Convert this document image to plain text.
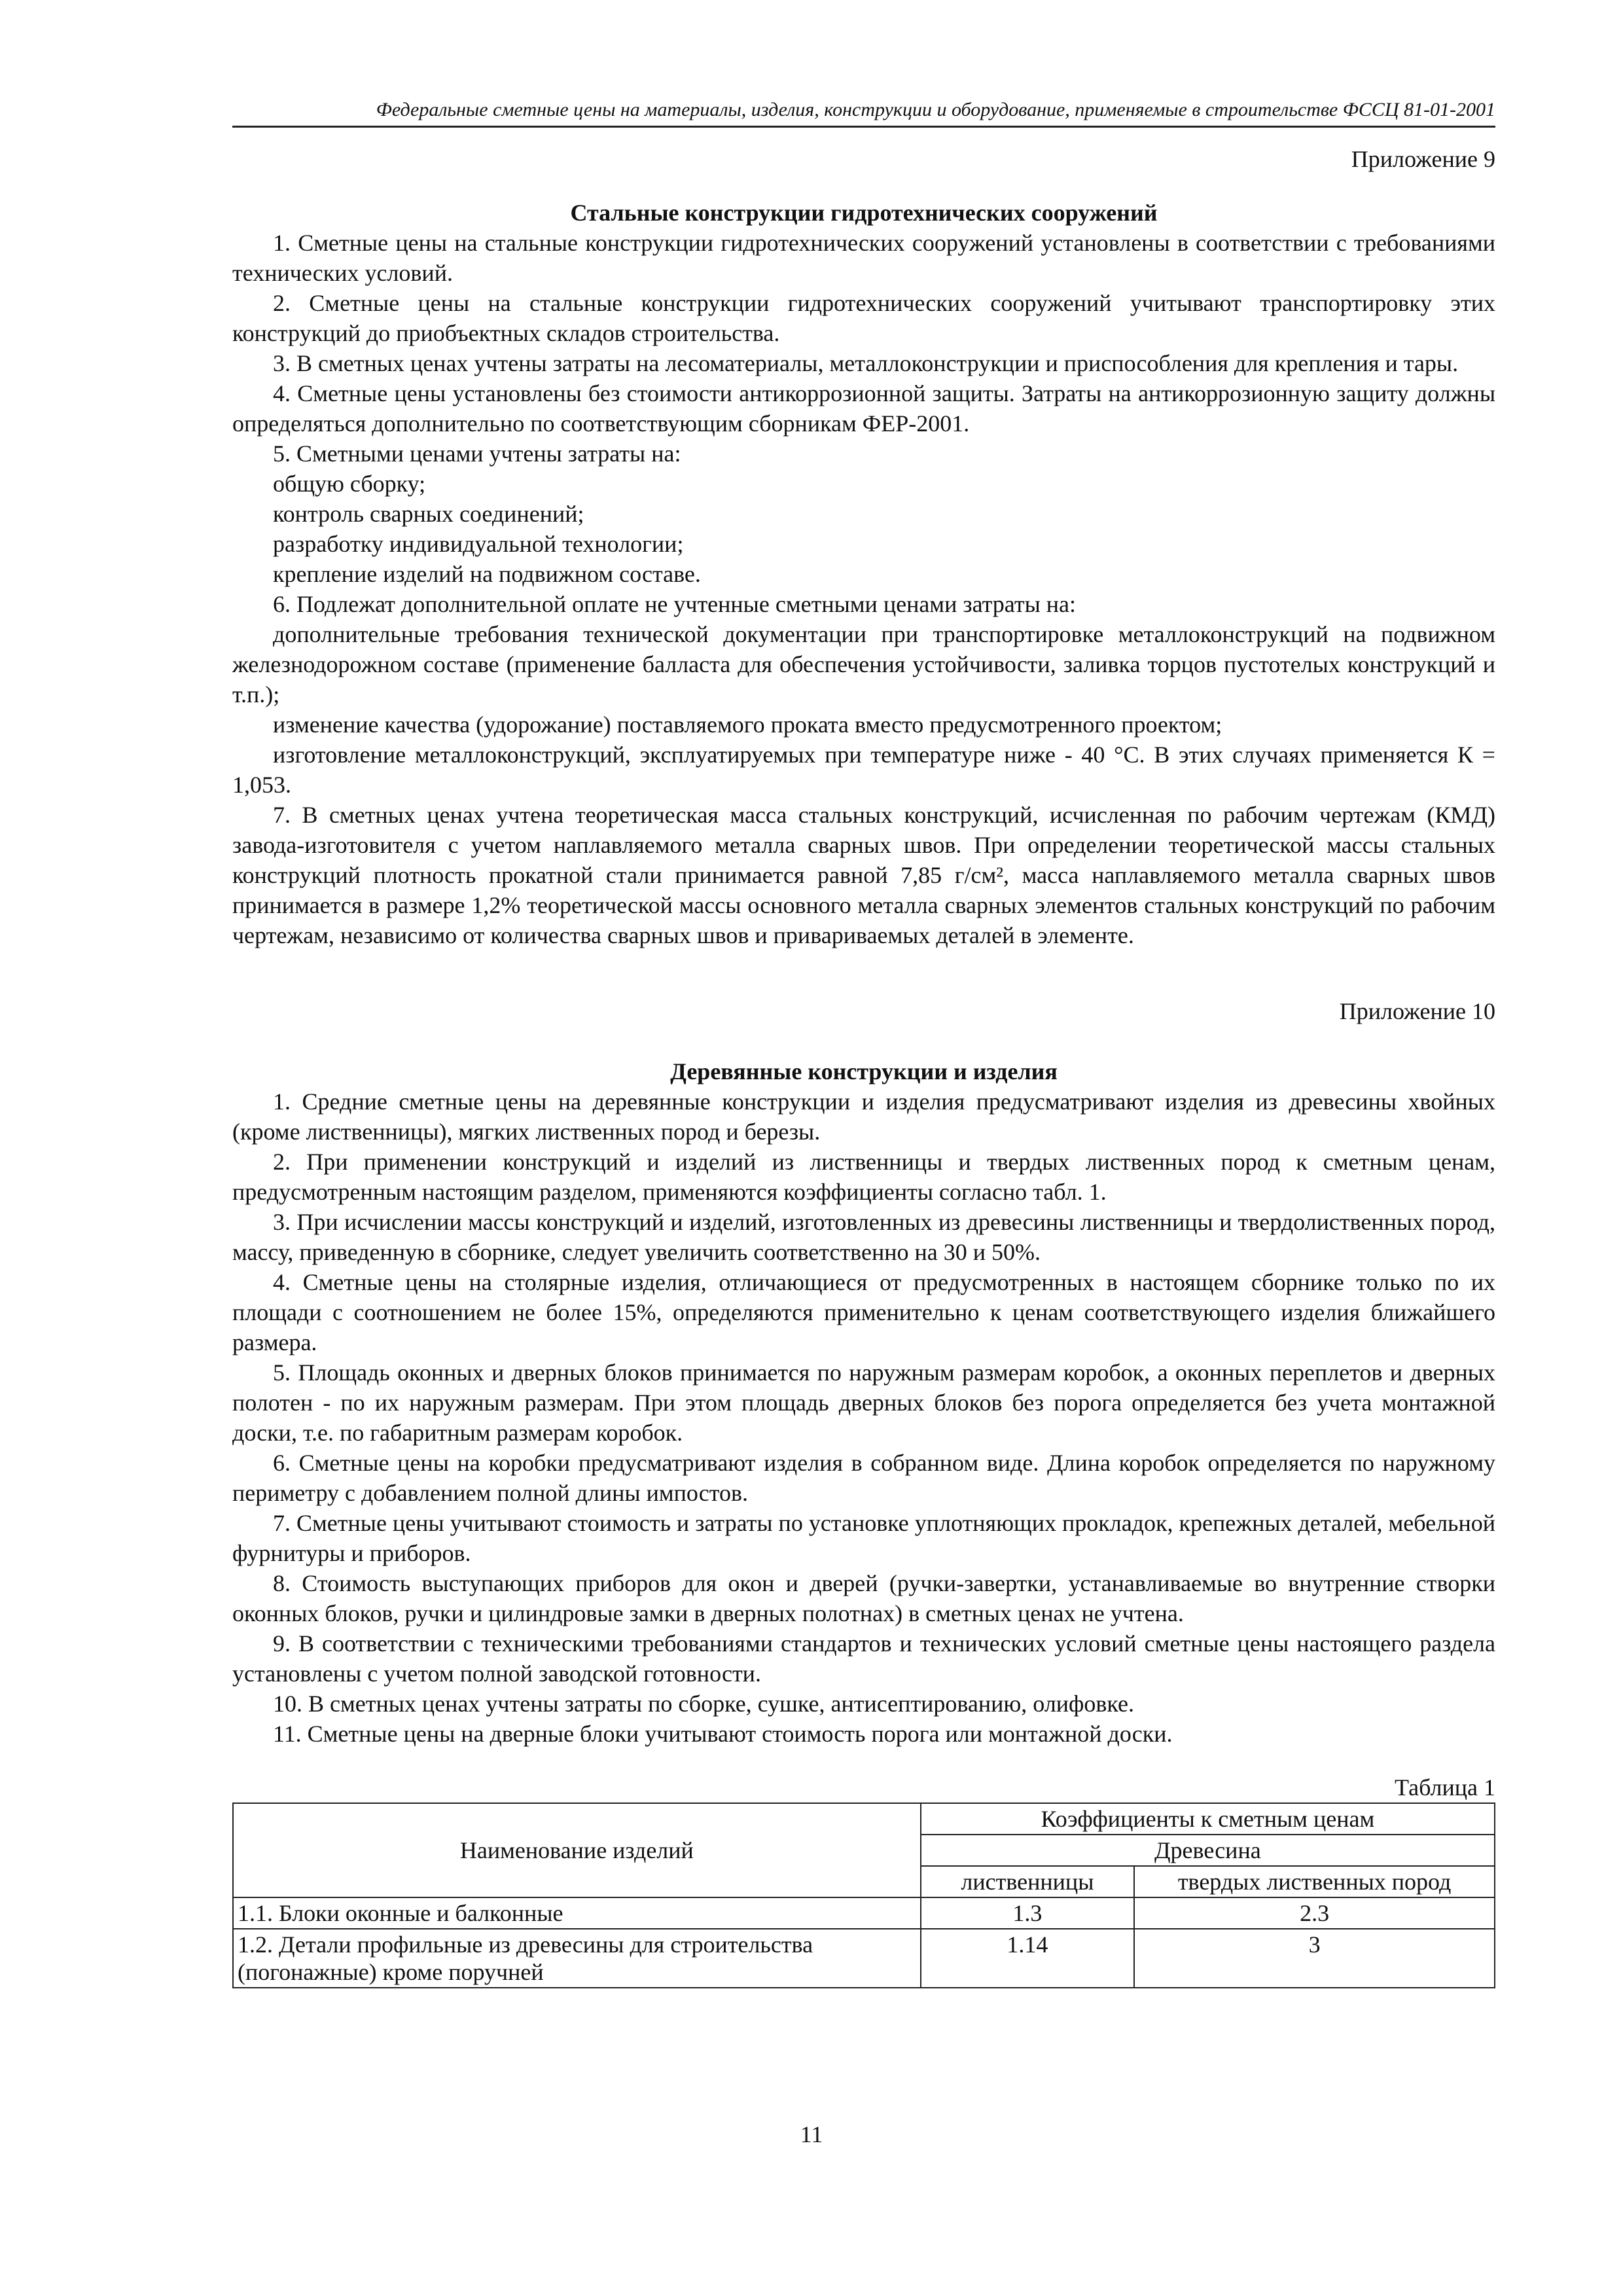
Федеральные сметные цены на материалы, изделия, конструкции и оборудование, применяемые в строительстве ФССЦ 81-01-2001

Приложение 9

Стальные конструкции гидротехнических сооружений

1. Сметные цены на стальные конструкции гидротехнических сооружений установлены в соответствии с требованиями технических условий.

2. Сметные цены на стальные конструкции гидротехнических сооружений учитывают транспортировку этих конструкций до приобъектных складов строительства.

3. В сметных ценах учтены затраты на лесоматериалы, металлоконструкции и приспособления для крепления и тары.

4. Сметные цены установлены без стоимости антикоррозионной защиты. Затраты на антикоррозионную защиту должны определяться дополнительно по соответствующим сборникам ФЕР-2001.

5. Сметными ценами учтены затраты на:

общую сборку;

контроль сварных соединений;

разработку индивидуальной технологии;

крепление изделий на подвижном составе.

6. Подлежат дополнительной оплате не учтенные сметными ценами затраты на:

дополнительные требования технической документации при транспортировке металлоконструкций на подвижном железнодорожном составе (применение балласта для обеспечения устойчивости, заливка торцов пустотелых конструкций и т.п.);

изменение качества (удорожание) поставляемого проката вместо предусмотренного проектом;

изготовление металлоконструкций, эксплуатируемых при температуре ниже - 40 °С. В этих случаях применяется К = 1,053.

7. В сметных ценах учтена теоретическая масса стальных конструкций, исчисленная по рабочим чертежам (КМД) завода-изготовителя с учетом наплавляемого металла сварных швов. При определении теоретической массы стальных конструкций плотность прокатной стали принимается равной 7,85 г/см², масса наплавляемого металла сварных швов принимается в размере 1,2% теоретической массы основного металла сварных элементов стальных конструкций по рабочим чертежам, независимо от количества сварных швов и привариваемых деталей в элементе.

Приложение 10

Деревянные конструкции и изделия

1. Средние сметные цены на деревянные конструкции и изделия предусматривают изделия из древесины хвойных (кроме лиственницы), мягких лиственных пород и березы.

2. При применении конструкций и изделий из лиственницы и твердых лиственных пород к сметным ценам, предусмотренным настоящим разделом, применяются коэффициенты согласно табл. 1.

3. При исчислении массы конструкций и изделий, изготовленных из древесины лиственницы и твердолиственных пород, массу, приведенную в сборнике, следует увеличить соответственно на 30 и 50%.

4. Сметные цены на столярные изделия, отличающиеся от предусмотренных в настоящем сборнике только по их площади с соотношением не более 15%, определяются применительно к ценам соответствующего изделия ближайшего размера.

5. Площадь оконных и дверных блоков принимается по наружным размерам коробок, а оконных переплетов и дверных полотен - по их наружным размерам. При этом площадь дверных блоков без порога определяется без учета монтажной доски, т.е. по габаритным размерам коробок.

6. Сметные цены на коробки предусматривают изделия в собранном виде. Длина коробок определяется по наружному периметру с добавлением полной длины импостов.

7. Сметные цены учитывают стоимость и затраты по установке уплотняющих прокладок, крепежных деталей, мебельной фурнитуры и приборов.

8. Стоимость выступающих приборов для окон и дверей (ручки-завертки, устанавливаемые во внутренние створки оконных блоков, ручки и цилиндровые замки в дверных полотнах) в сметных ценах не учтена.

9. В соответствии с техническими требованиями стандартов и технических условий сметные цены настоящего раздела установлены с учетом полной заводской готовности.

10. В сметных ценах учтены затраты по сборке, сушке, антисептированию, олифовке.

11. Сметные цены на дверные блоки учитывают стоимость порога или монтажной доски.

Таблица 1

Наименование изделий	Коэффициенты к сметным ценам	
	Древесина	
	лиственницы	твердых лиственных пород
1.1. Блоки оконные и балконные	1.3	2.3
1.2. Детали профильные из древесины для строительства (погонажные) кроме поручней	1.14	3
11
